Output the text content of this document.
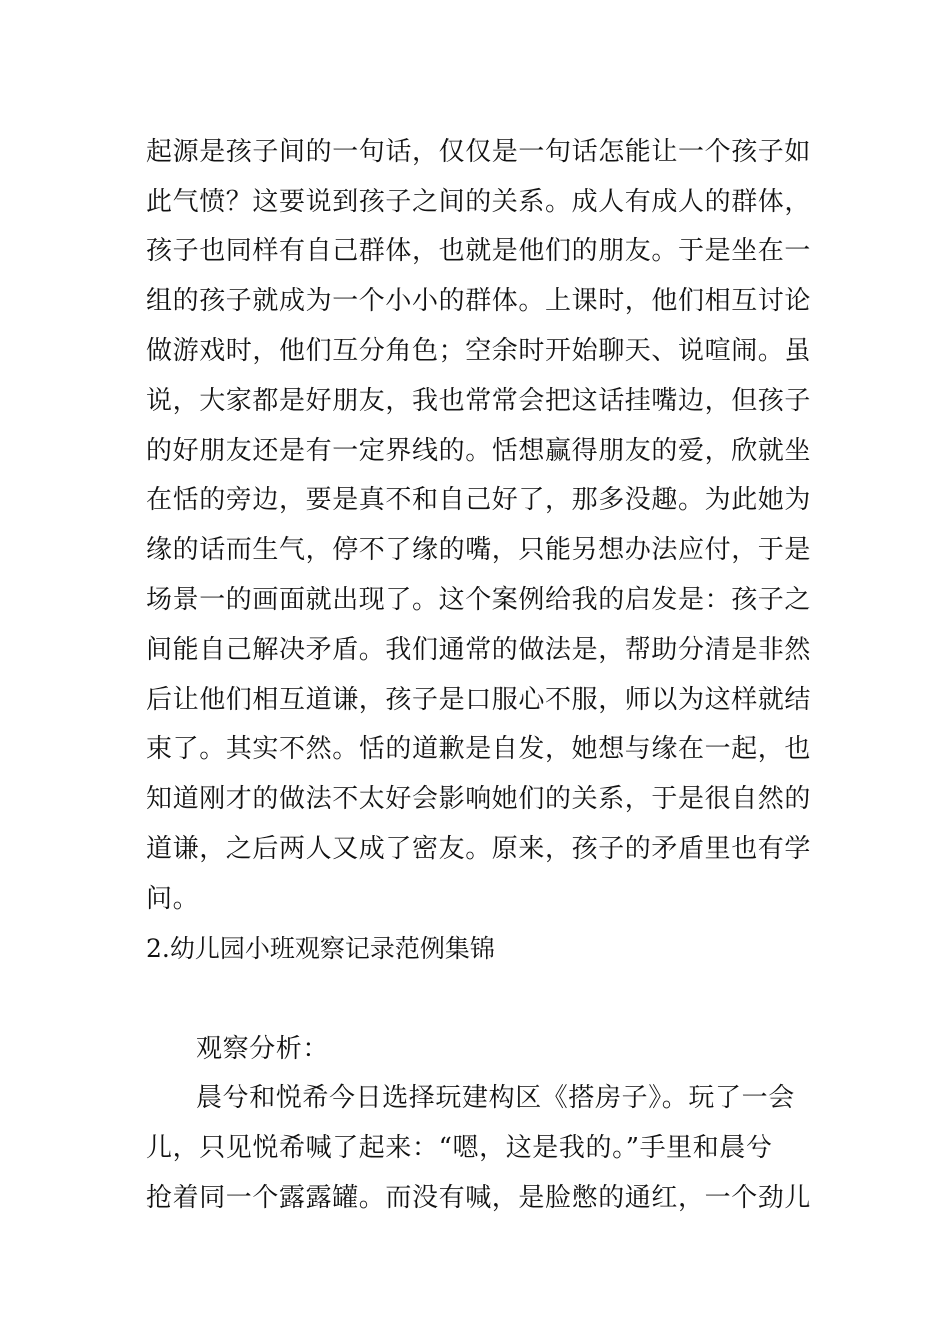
起源是孩子间的一句话，仅仅是一句话怎能让一个孩子如
此气愤？这要说到孩子之间的关系。成人有成人的群体，
孩子也同样有自己群体，也就是他们的朋友。于是坐在一
组的孩子就成为一个小小的群体。上课时，他们相互讨论
做游戏时，他们互分角色；空余时开始聊天、说喧闹。虽
说，大家都是好朋友，我也常常会把这话挂嘴边，但孩子
的好朋友还是有一定界线的。恬想赢得朋友的爱，欣就坐
在恬的旁边，要是真不和自己好了，那多没趣。为此她为
缘的话而生气，停不了缘的嘴，只能另想办法应付，于是
场景一的画面就出现了。这个案例给我的启发是：孩子之
间能自己解决矛盾。我们通常的做法是，帮助分清是非然
后让他们相互道谦，孩子是口服心不服，师以为这样就结
束了。其实不然。恬的道歉是自发，她想与缘在一起，也
知道刚才的做法不太好会影响她们的关系，于是很自然的
道谦，之后两人又成了密友。原来，孩子的矛盾里也有学
问。
2.幼儿园小班观察记录范例集锦
观察分析：
晨兮和悦希今日选择玩建构区《搭房子》。玩了一会
儿，只见悦希喊了起来：“嗯，这是我的。”手里和晨兮
抢着同一个露露罐。而没有喊，是脸憋的通红，一个劲儿
